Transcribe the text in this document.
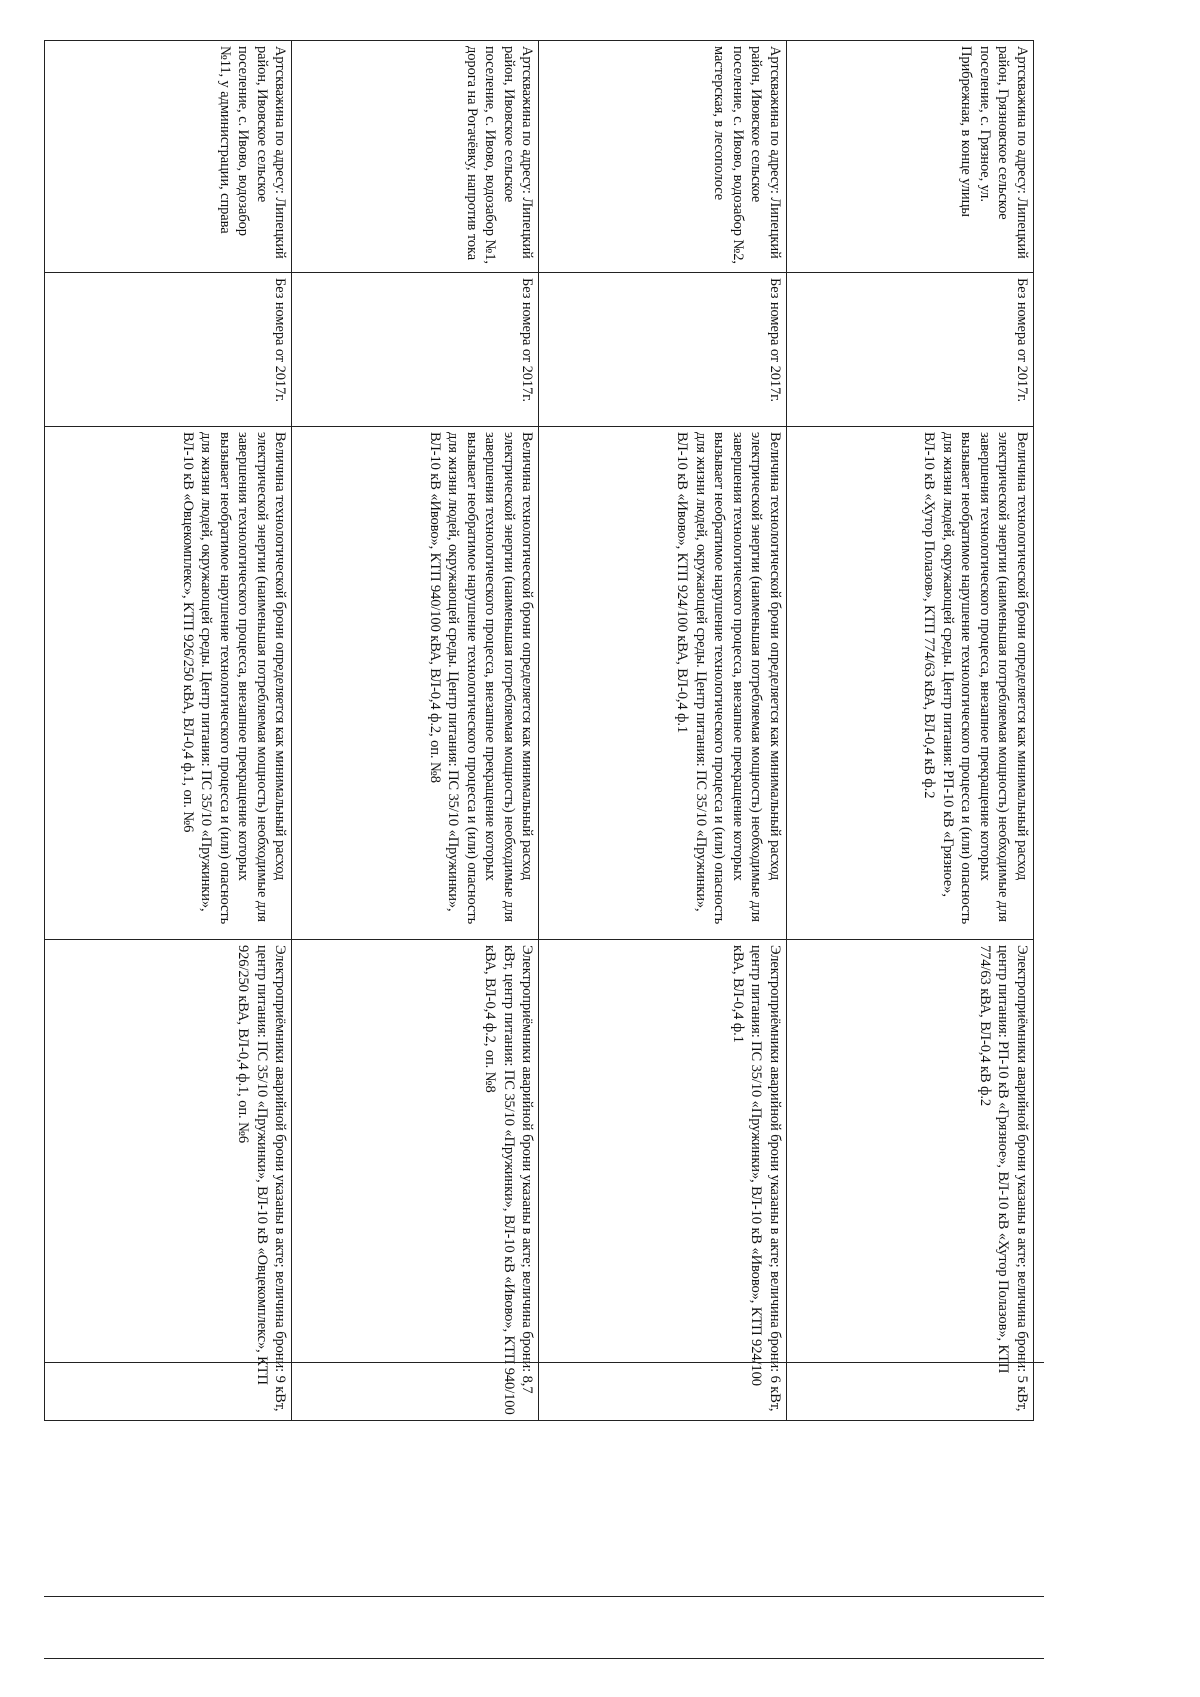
Артскважина по адресу: Липецкий район, Грязновское сельское поселение, с. Грязное, ул. Прибрежная, в конце улицы	Без номера от 2017г.	Величина технологической брони определяется как минимальный расход электрической энергии (наименьшая потребляемая мощность) необходимые для завершения технологического процесса, внезапное прекращение которых вызывает необратимое нарушение технологического процесса и (или) опасность для жизни людей, окружающей среды. Центр питания: РП-10 кВ «Грязное», ВЛ-10 кВ «Хутор Полазов», КТП 774/63 кВА, ВЛ-0,4 кВ ф.2	Электроприёмники аварийной брони указаны в акте; величина брони: 5 кВт, центр питания: РП-10 кВ «Грязное», ВЛ-10 кВ «Хутор Полазов», КТП 774/63 кВА, ВЛ-0,4 кВ ф.2
Артскважина по адресу: Липецкий район, Ивовское сельское поселение, с. Ивово, водозабор №2, мастерская, в лесополосе	Без номера от 2017г.	Величина технологической брони определяется как минимальный расход электрической энергии (наименьшая потребляемая мощность) необходимые для завершения технологического процесса, внезапное прекращение которых вызывает необратимое нарушение технологического процесса и (или) опасность для жизни людей, окружающей среды. Центр питания: ПС 35/10 «Пружинки», ВЛ-10 кВ «Ивово», КТП 924/100 кВА, ВЛ-0,4 ф.1	Электроприёмники аварийной брони указаны в акте; величина брони: 6 кВт, центр питания: ПС 35/10 «Пружинки», ВЛ-10 кВ «Ивово», КТП 924/100 кВА, ВЛ-0,4 ф.1
Артскважина по адресу: Липецкий район, Ивовское сельское поселение, с. Ивово, водозабор №1, дорога на Рогачёвку, напротив тока	Без номера от 2017г.	Величина технологической брони определяется как минимальный расход электрической энергии (наименьшая потребляемая мощность) необходимые для завершения технологического процесса, внезапное прекращение которых вызывает необратимое нарушение технологического процесса и (или) опасность для жизни людей, окружающей среды. Центр питания: ПС 35/10 «Пружинки», ВЛ-10 кВ «Ивово», КТП 940/100 кВА, ВЛ-0,4 ф.2, оп. №8	Электроприёмники аварийной брони указаны в акте; величина брони: 8,7 кВт, центр питания: ПС 35/10 «Пружинки», ВЛ-10 кВ «Ивово», КТП 940/100 кВА, ВЛ-0,4 ф.2, оп. №8
Артскважина по адресу: Липецкий район, Ивовское сельское поселение, с. Ивово, водозабор №11, у администрации, справа	Без номера от 2017г.	Величина технологической брони определяется как минимальный расход электрической энергии (наименьшая потребляемая мощность) необходимые для завершения технологического процесса, внезапное прекращение которых вызывает необратимое нарушение технологического процесса и (или) опасность для жизни людей, окружающей среды. Центр питания: ПС 35/10 «Пружинки», ВЛ-10 кВ «Овцекомплекс», КТП 926/250 кВА, ВЛ-0,4 ф.1, оп. №6	Электроприёмники аварийной брони указаны в акте; величина брони: 9 кВт, центр питания: ПС 35/10 «Пружинки», ВЛ-10 кВ «Овцекомплекс», КТП 926/250 кВА, ВЛ-0,4 ф.1, оп. №6
